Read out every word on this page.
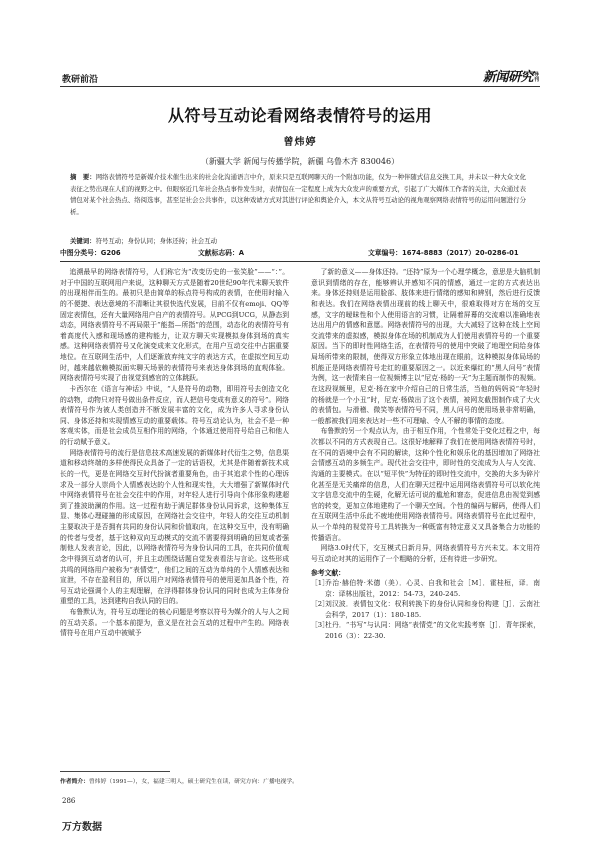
教研前沿	新闻研究导刊
从符号互动论看网络表情符号的运用
曾炜婷
（新疆大学 新闻与传播学院，新疆 乌鲁木齐 830046）
摘　要：网络表情符号是新媒介技术催生出来的社会化沟通语言中介，原来只是互联网聊天的一个附加功能，仅为一种伴随式信息交换工具，并未以一种大众文化表征之势出现在人们的视野之中。但眼察近几年社会热点事件发生时，表情包在一定程度上成为大众发声的重要方式，引起了广大媒体工作者的关注，大众通过表情包对某个社会热点、络阅选事，甚至足社会公共事件，以这种戏谑方式对其进行评论和舆论介入，本文从符号互动论的视角观察网络表情符号的运用问题进行分析。
关键词：符号互动；身份认同；身体还持；社会互动
中图分类号：G206	文献标志码：A	文章编号：1674-8883（2017）20-0286-01

追溯最早的网络表情符号，人们称它为“改变历史的一张笑脸”——“：”。对于中国的互联网用户来说，这种聊天方式是随着20世纪90年代末聊天软件的出现相伴而生的。最初只是由简单的标点符号构成的表情，在使用时输入的不便捷、表达意境的不清晰让其很快选代发展，目前不仅有emoji、QQ等固定表情包，还有大量网络用户自产的表情符号。从PCG到UCG，从静态到动态，网络表情符号不再局限于“能指—所指”的范围，动态化的表情符号有着高度代入感和现场感的建构能力，让双方聊天实现模拟身体到场的真实感。这种网络表情符号又化演变成来文化形式，在用户互动交往中占据重要地位。在互联网生活中，人们逐渐放弃纯文字的表达方式，在虚拟空间互动时，越来越依赖模拟面实聊天场景的表情符号来表达身体到场的直观体验。网络表情符号实现了由视觉到感官的立体跳跃。

卡西尔在《语言与神话》中说，“人是符号的动物，即用符号去创造文化的动物，动物只对符号做出条件反应，而人把信号变成有意义的符号”。网络表情符号作为被人类创造并不断发展丰富的文化，成为许多人寻求身份认同、身体还持和实现情感互动的重要载体。符号互动论认为，社会不是一种客观实体，而是社会成员互相作用的网络，个体通过使用符号给自己和他人的行动赋予意义。

网络表情符号的流行是信息技术高速发展的新媒体时代衍生之势，信息渠道和移动终端的多样使得民众具备了一定的话语权，尤其是伴随着新技术成长的一代，更是在网络交互时代扮演者重要角色，由于其追求个性的心理诉求及一部分人崇尚个人情感表达的个人性和现实性，大大增强了新媒体时代中网络表情符号在社会交往中的作用，对年轻人进行引导向个体形象构建超到了推波助澜的作用。这一过程有助于满足群体身份认同诉求，这种集体互显、集体心理碰撞的形成原因，在网络社会交往中，年轻人的交往互动机制主要取决于是否拥有共同的身份认同和价值取向，在这种交互中，没有明确的传者与受者，基于这种双向互动模式的交流不需要得到明确的回复或者强制他人发表言论，因此，以网络表情符号为身份认同的工具，在共同价值观念中得到互动者的认可，并且主动围绕话题自觉发表看法与言论。这些形成共鸣的网络用户被称为“表情党”，他们之间的互动为单纯的个人情感表达和宣泄，不存在盈利目的，所以用户对网络表情符号的使用更加具备个性，符号互动论强调个人的主观理解，在浮得群体身份认同的同时也成为主体身份重塑的工具，达到建构自我认同的目的。

布鲁默认为，符号互动理论的核心问题是考察以符号为媒介的人与人之间的互动关系。一个基本前提为，意义是在社会互动的过程中产生的。网络表情符号在用户互动中被赋予

了新的意义——身体还持。“还持”原为一个心理学概念，意思是大脑机制意识到情绪的存在，能够辨认并感知不同的情感，通过一定的方式表达出来。身体还持则是运用脸部、肢体来进行情绪的感知和辨别，然后进行反馈和表达。我们在网络表情出现前的线上聊天中，很难取得对方在场的交互感，文字的暧昧性和个人使用语言的习惯，让隔着屏幕的交流难以准确地表达出用户的情感和意愿。网络表情符号的出现，大大减轻了这种在线上空间交流带来的虚拟感，模拟身体在场的机制成为人们使用表情符号的一个重要原因。当下的即时性网络生活，在表情符号的使用中突破了地理空间给身体局场所带来的限制，使得双方形象立体地出现在眼前，这种模拟身体局场的机能正是网络表情符号走红的重要原因之一。以近来爆红的“黑人问号”表情为例，这一表情来自一位视频博主以“尼克·杨的一天”为主题而制作的视频。在这段视频里，尼克·杨在家中介绍自己的日常生活，当他的妈妈说“年轻时的杨就是一个小丑”时，尼克·杨做出了这个表情，被网友截图制作成了大火的表情包。与滑稽、微笑等表情符号不同，黑人问号的使用场景非常明确，一般都被我们用来表达对一些不可理喻、令人不解的事情的态度。

布鲁默的另一个观点认为，由于相互作用，个性常处于变化过程之中，每次都以不同的方式表现自己。这很好地解释了我们在使用网络表情符号时，在不同的语境中会有不同的解读，这种个性化和娱乐化的基因增加了网络社会情感互动的多频生产。现代社会交往中，即时性的交流成为人与人交流、沟通的主要模式。在以“短平快”为特征的即时性交流中，交换的大多为碎片化甚至是无关痛痒的信息，人们在聊天过程中运用网络表情符号可以软化纯文字信息交流中的生硬，化解无话可说的尴尬和窘态，促进信息由视觉到感官的转变，更加立体地建构了一个聊天空间。个性的编码与解码，使得人们在互联网生活中乐此不疲地使用网络表情符号。网络表情符号在此过程中，从一个单纯的视觉符号工具转换为一种既富有特定意义又具备集合力功能的传播语言。

网络3.0时代下，交互模式日新月异，网络表情符号方兴未艾。本文用符号互动论对其的运用作了一个粗略的分析，还有待进一步研究。

参考文献：

［1］
乔治·赫伯特·米德（美）．心灵、自我和社会［M］．霍桂桓，译．南京：译林出版社，2012：54-73，240-245.

［2］
刘汉波．表情包文化：权利转换下的身份认同和身份构建［J］．云南社会科学，2017（1）：180-185.

［3］
杜丹．“书写”与认同：网络“表情党”的文化实践考察［J］．青年探索，2016（3）：22-30.

作者简介：曾炜婷（1991—），女，福建三明人，硕士研究生在读，研究方向：广播电视学。
286
万方数据
